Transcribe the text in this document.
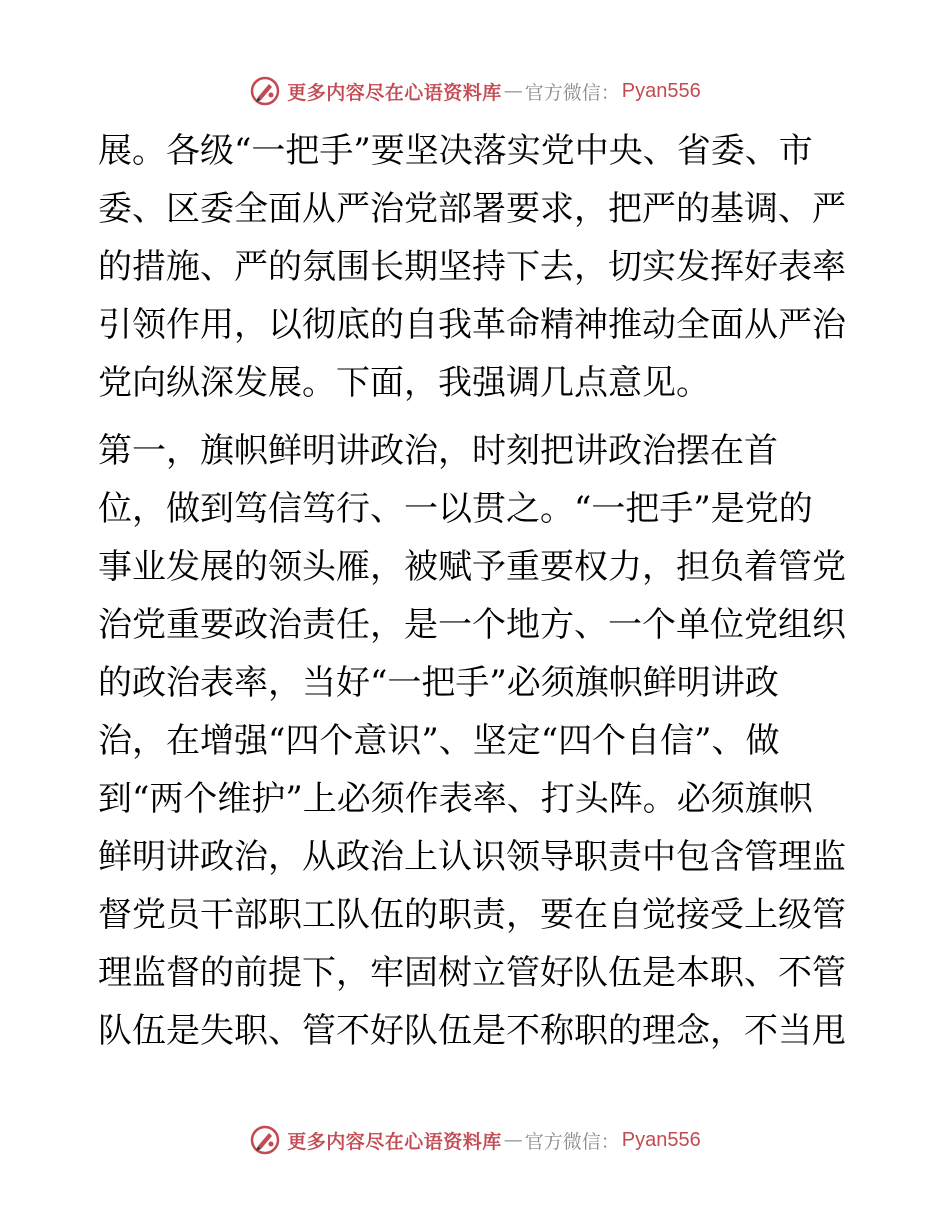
更多内容尽在心语资料库 — 官方微信： Pyan556
展。各级“一把手”要坚决落实党中央、省委、市
委、区委全面从严治党部署要求，把严的基调、严
的措施、严的氛围长期坚持下去，切实发挥好表率
引领作用，以彻底的自我革命精神推动全面从严治
党向纵深发展。下面，我强调几点意见。
第一，旗帜鲜明讲政治，时刻把讲政治摆在首
位，做到笃信笃行、一以贯之。“一把手”是党的
事业发展的领头雁，被赋予重要权力，担负着管党
治党重要政治责任，是一个地方、一个单位党组织
的政治表率，当好“一把手”必须旗帜鲜明讲政
治，在增强“四个意识”、坚定“四个自信”、做
到“两个维护”上必须作表率、打头阵。必须旗帜
鲜明讲政治，从政治上认识领导职责中包含管理监
督党员干部职工队伍的职责，要在自觉接受上级管
理监督的前提下，牢固树立管好队伍是本职、不管
队伍是失职、管不好队伍是不称职的理念，不当甩
更多内容尽在心语资料库 — 官方微信： Pyan556
